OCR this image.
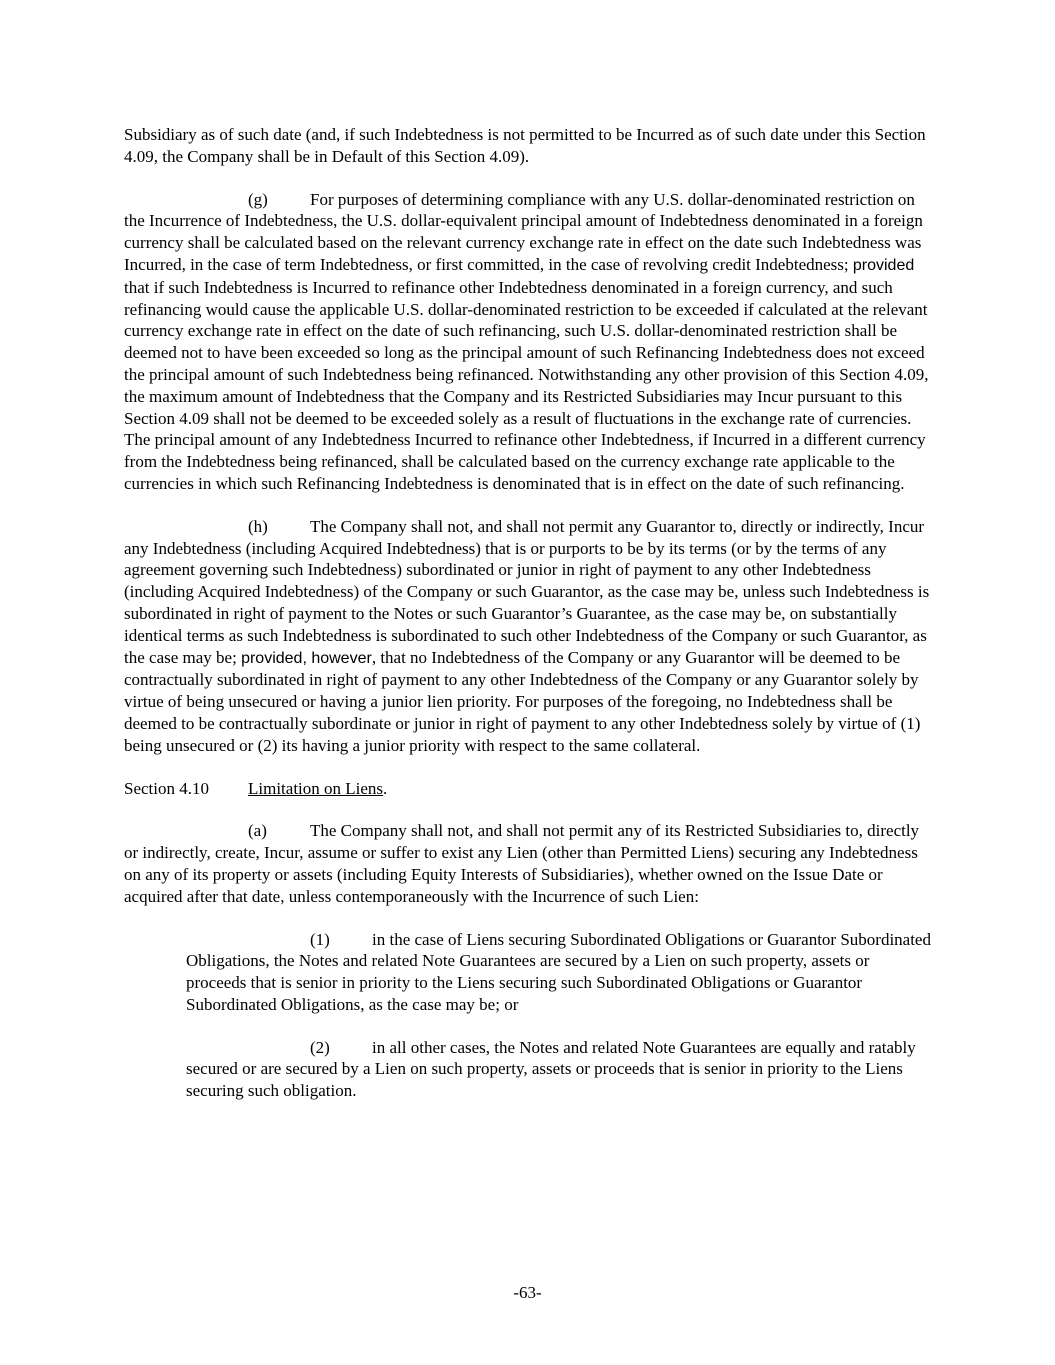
Subsidiary as of such date (and, if such Indebtedness is not permitted to be Incurred as of such date under this Section 4.09, the Company shall be in Default of this Section 4.09).

(g) For purposes of determining compliance with any U.S. dollar-denominated restriction on the Incurrence of Indebtedness, the U.S. dollar-equivalent principal amount of Indebtedness denominated in a foreign currency shall be calculated based on the relevant currency exchange rate in effect on the date such Indebtedness was Incurred, in the case of term Indebtedness, or first committed, in the case of revolving credit Indebtedness; provided that if such Indebtedness is Incurred to refinance other Indebtedness denominated in a foreign currency, and such refinancing would cause the applicable U.S. dollar-denominated restriction to be exceeded if calculated at the relevant currency exchange rate in effect on the date of such refinancing, such U.S. dollar-denominated restriction shall be deemed not to have been exceeded so long as the principal amount of such Refinancing Indebtedness does not exceed the principal amount of such Indebtedness being refinanced. Notwithstanding any other provision of this Section 4.09, the maximum amount of Indebtedness that the Company and its Restricted Subsidiaries may Incur pursuant to this Section 4.09 shall not be deemed to be exceeded solely as a result of fluctuations in the exchange rate of currencies. The principal amount of any Indebtedness Incurred to refinance other Indebtedness, if Incurred in a different currency from the Indebtedness being refinanced, shall be calculated based on the currency exchange rate applicable to the currencies in which such Refinancing Indebtedness is denominated that is in effect on the date of such refinancing.

(h) The Company shall not, and shall not permit any Guarantor to, directly or indirectly, Incur any Indebtedness (including Acquired Indebtedness) that is or purports to be by its terms (or by the terms of any agreement governing such Indebtedness) subordinated or junior in right of payment to any other Indebtedness (including Acquired Indebtedness) of the Company or such Guarantor, as the case may be, unless such Indebtedness is subordinated in right of payment to the Notes or such Guarantor’s Guarantee, as the case may be, on substantially identical terms as such Indebtedness is subordinated to such other Indebtedness of the Company or such Guarantor, as the case may be; provided, however, that no Indebtedness of the Company or any Guarantor will be deemed to be contractually subordinated in right of payment to any other Indebtedness of the Company or any Guarantor solely by virtue of being unsecured or having a junior lien priority. For purposes of the foregoing, no Indebtedness shall be deemed to be contractually subordinate or junior in right of payment to any other Indebtedness solely by virtue of (1) being unsecured or (2) its having a junior priority with respect to the same collateral.

Section 4.10 Limitation on Liens.

(a)	The Company shall not, and shall not permit any of its Restricted Subsidiaries to, directly or indirectly, create, Incur, assume or suffer to exist any Lien (other than Permitted Liens) securing any Indebtedness on any of its property or assets (including Equity Interests of Subsidiaries), whether owned on the Issue Date or acquired after that date, unless contemporaneously with the Incurrence of such Lien:

(1) in the case of Liens securing Subordinated Obligations or Guarantor Subordinated Obligations, the Notes and related Note Guarantees are secured by a Lien on such property, assets or proceeds that is senior in priority to the Liens securing such Subordinated Obligations or Guarantor Subordinated Obligations, as the case may be; or

(2) in all other cases, the Notes and related Note Guarantees are equally and ratably secured or are secured by a Lien on such property, assets or proceeds that is senior in priority to the Liens securing such obligation.

-63-
